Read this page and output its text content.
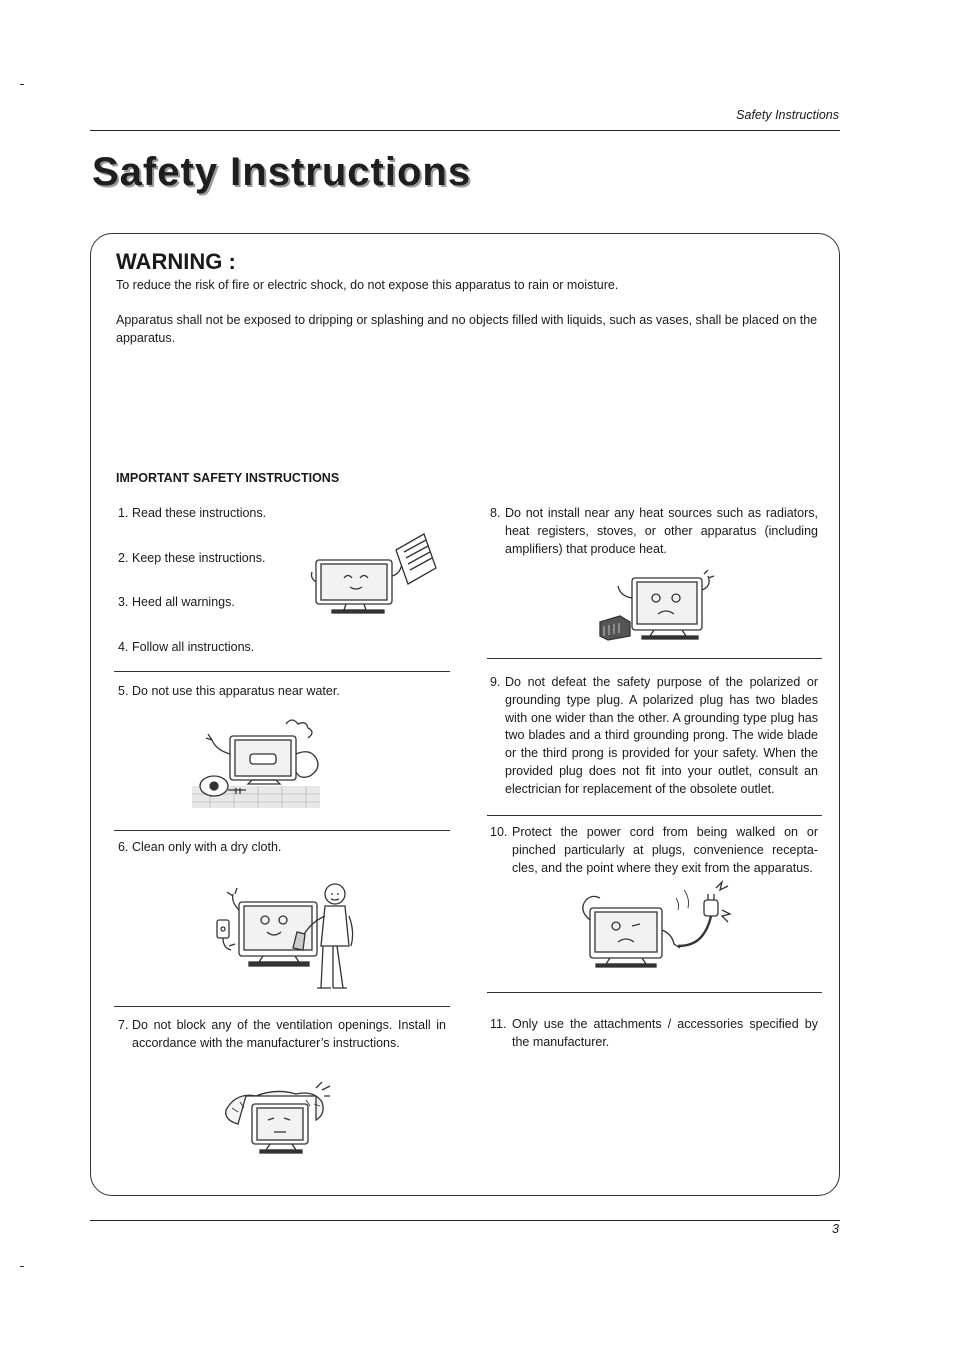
Safety Instructions
Safety Instructions
WARNING :

To reduce the risk of fire or electric shock, do not expose this apparatus to rain or moisture.

Apparatus shall not be exposed to dripping or splashing and no objects filled with liquids, such as vases, shall be placed on the apparatus.

IMPORTANT SAFETY INSTRUCTIONS
1. Read these instructions.
2. Keep these instructions.
3. Heed all warnings.
4. Follow all instructions.
5. Do not use this apparatus near water.
6. Clean only with a dry cloth.
7. Do not block any of the ventilation openings. Install in accordance with the manufacturer’s instructions.
8. Do not install near any heat sources such as radiators, heat registers, stoves, or other apparatus (including amplifiers) that produce heat.
9. Do not defeat the safety purpose of the polarized or grounding type plug. A polarized plug has two blades with one wider than the other. A grounding type plug has two blades and a third grounding prong. The wide blade or the third prong is provided for your safety. When the provided plug does not fit into your outlet, consult an electrician for replacement of the obsolete outlet.
10. Protect the power cord from being walked on or pinched particularly at plugs, convenience recepta-cles, and the point where they exit from the apparatus.
11. Only use the attachments / accessories specified by the manufacturer.
3
